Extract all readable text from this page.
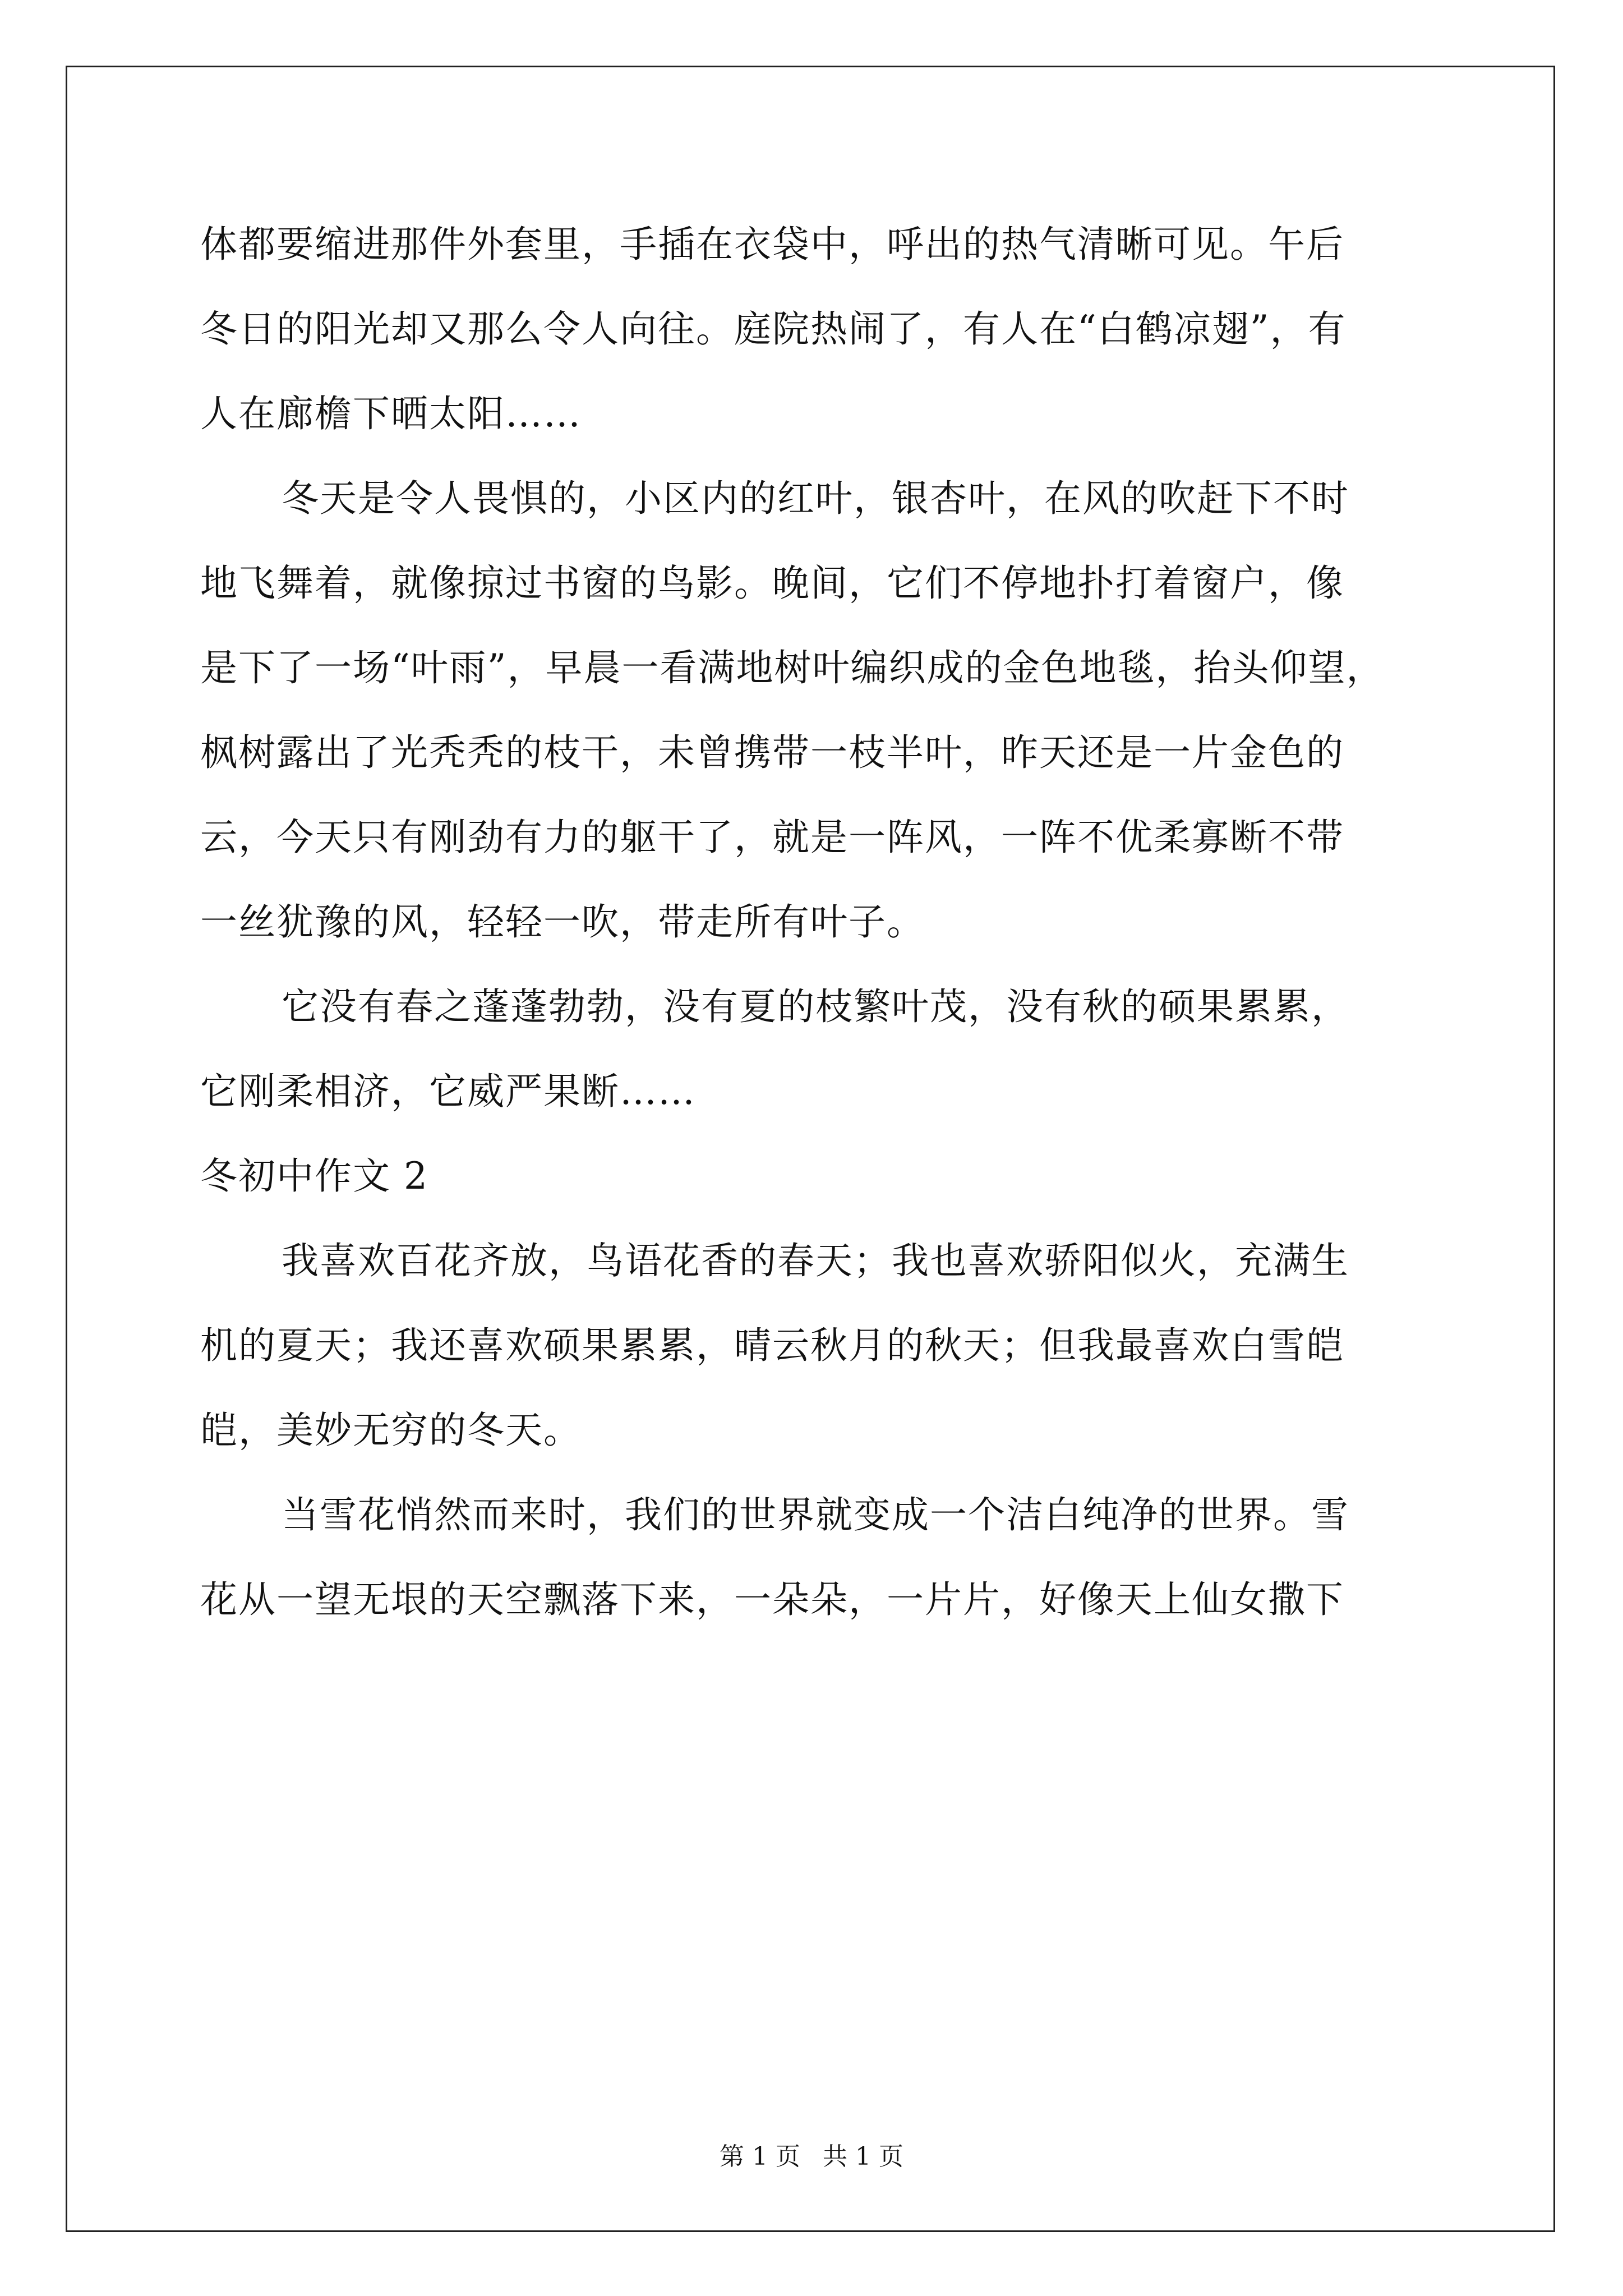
体都要缩进那件外套里，手插在衣袋中，呼出的热气清晰可见。午后
冬日的阳光却又那么令人向往。庭院热闹了，有人在“白鹤凉翅”，有
人在廊檐下晒太阳……
冬天是令人畏惧的，小区内的红叶，银杏叶，在风的吹赶下不时
地飞舞着，就像掠过书窗的鸟影。晚间，它们不停地扑打着窗户，像
是下了一场“叶雨”，早晨一看满地树叶编织成的金色地毯，抬头仰望，
枫树露出了光秃秃的枝干，未曾携带一枝半叶，昨天还是一片金色的
云，今天只有刚劲有力的躯干了，就是一阵风，一阵不优柔寡断不带
一丝犹豫的风，轻轻一吹，带走所有叶子。
它没有春之蓬蓬勃勃，没有夏的枝繁叶茂，没有秋的硕果累累，
它刚柔相济，它威严果断……
冬初中作文 2
我喜欢百花齐放，鸟语花香的春天；我也喜欢骄阳似火，充满生
机的夏天；我还喜欢硕果累累，晴云秋月的秋天；但我最喜欢白雪皑
皑，美妙无穷的冬天。
当雪花悄然而来时，我们的世界就变成一个洁白纯净的世界。雪
花从一望无垠的天空飘落下来，一朵朵，一片片，好像天上仙女撒下
第 1 页 共 1 页
